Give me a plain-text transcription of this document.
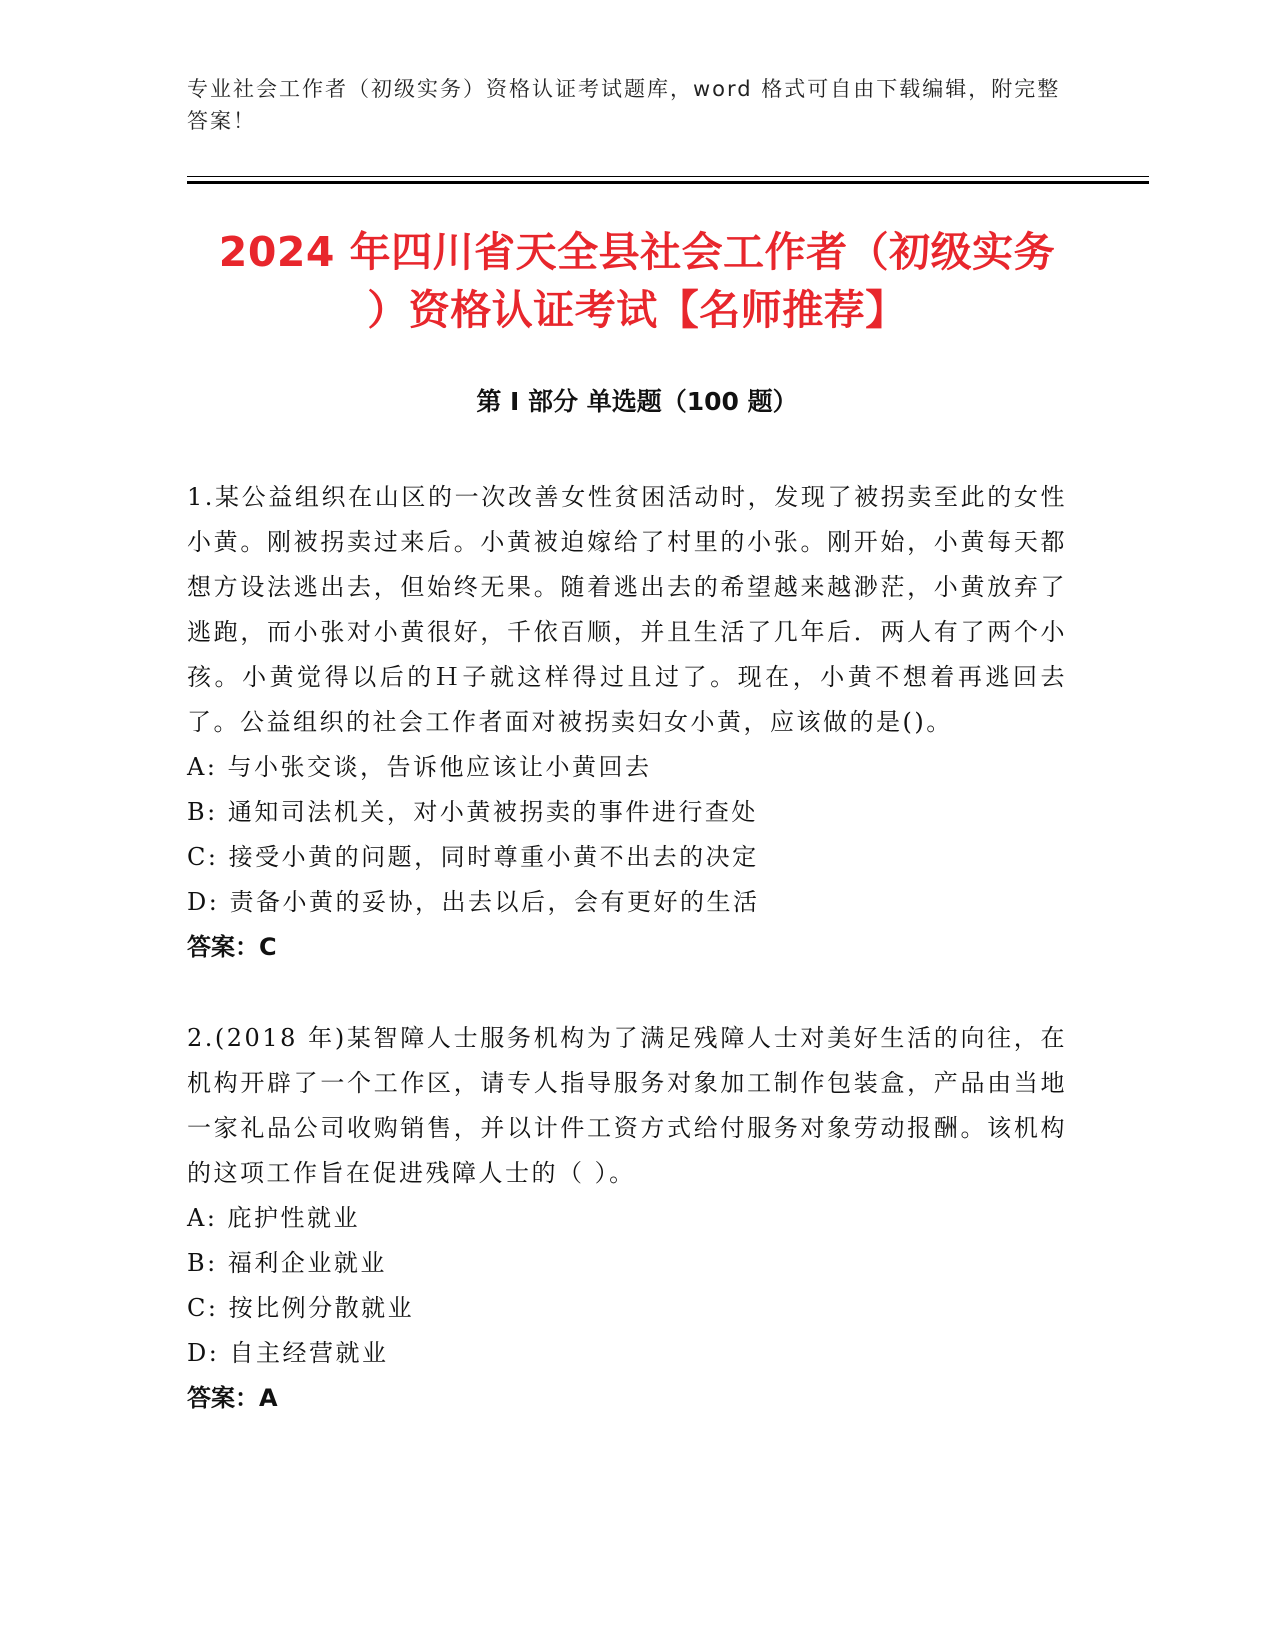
专业社会工作者（初级实务）资格认证考试题库，word 格式可自由下载编辑，附完整答案！
2024 年四川省天全县社会工作者（初级实务
）资格认证考试【名师推荐】
第 I 部分 单选题（100 题）

1.某公益组织在山区的一次改善女性贫困活动时，发现了被拐卖至此的女性小黄。刚被拐卖过来后。小黄被迫嫁给了村里的小张。刚开始，小黄每天都想方设法逃出去，但始终无果。随着逃出去的希望越来越渺茫，小黄放弃了逃跑，而小张对小黄很好，千依百顺，并且生活了几年后．两人有了两个小孩。小黄觉得以后的Ｈ子就这样得过且过了。现在，小黄不想着再逃回去了。公益组织的社会工作者面对被拐卖妇女小黄，应该做的是()。

A: 与小张交谈，告诉他应该让小黄回去

B: 通知司法机关，对小黄被拐卖的事件进行查处

C: 接受小黄的问题，同时尊重小黄不出去的决定

D: 责备小黄的妥协，出去以后，会有更好的生活

答案：C

2.(2018 年)某智障人士服务机构为了满足残障人士对美好生活的向往，在机构开辟了一个工作区，请专人指导服务对象加工制作包装盒，产品由当地一家礼品公司收购销售，并以计件工资方式给付服务对象劳动报酬。该机构的这项工作旨在促进残障人士的（ ）。

A: 庇护性就业

B: 福利企业就业

C: 按比例分散就业

D: 自主经营就业

答案：A
